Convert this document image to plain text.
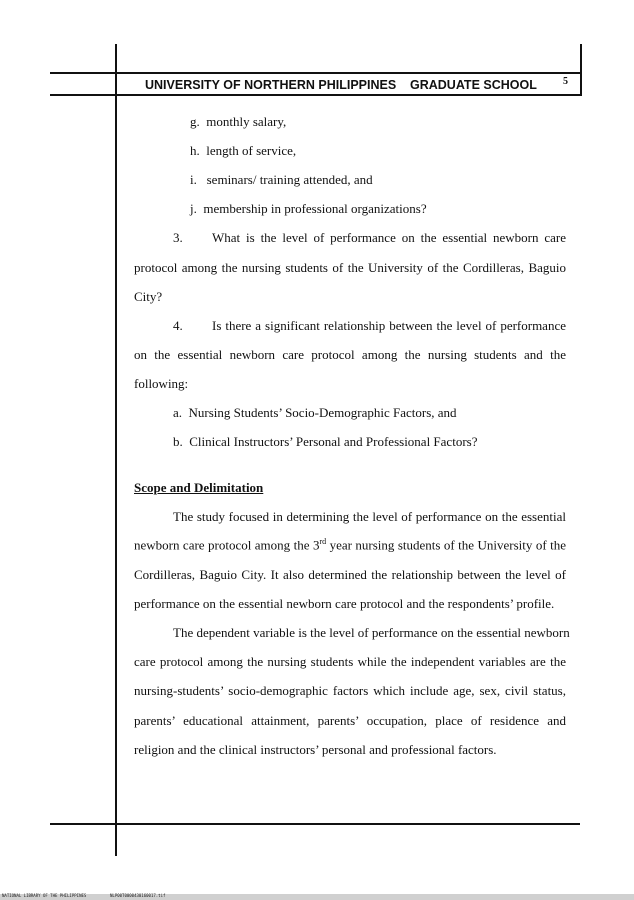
UNIVERSITY OF NORTHERN PHILIPPINES GRADUATE SCHOOL	5
g. monthly salary,
h. length of service,
i. seminars/ training attended, and
j. membership in professional organizations?
3. What is the level of performance on the essential newborn care
protocol among the nursing students of the University of the Cordilleras, Baguio
City?
4. Is there a significant relationship between the level of performance
on the essential newborn care protocol among the nursing students and the
following:
a. Nursing Students’ Socio-Demographic Factors, and
b. Clinical Instructors’ Personal and Professional Factors?
Scope and Delimitation
The study focused in determining the level of performance on the essential
newborn care protocol among the 3rd year nursing students of the University of the
Cordilleras, Baguio City. It also determined the relationship between the level of
performance on the essential newborn care protocol and the respondents’ profile.
The dependent variable is the level of performance on the essential newborn
care protocol among the nursing students while the independent variables are the
nursing-students’ socio-demographic factors which include age, sex, civil status,
parents’ educational attainment, parents’ occupation, place of residence and
religion and the clinical instructors’ personal and professional factors.
NATIONAL LIBRARY OF THE PHILIPPINES	NLP00T0000430160017.tif
